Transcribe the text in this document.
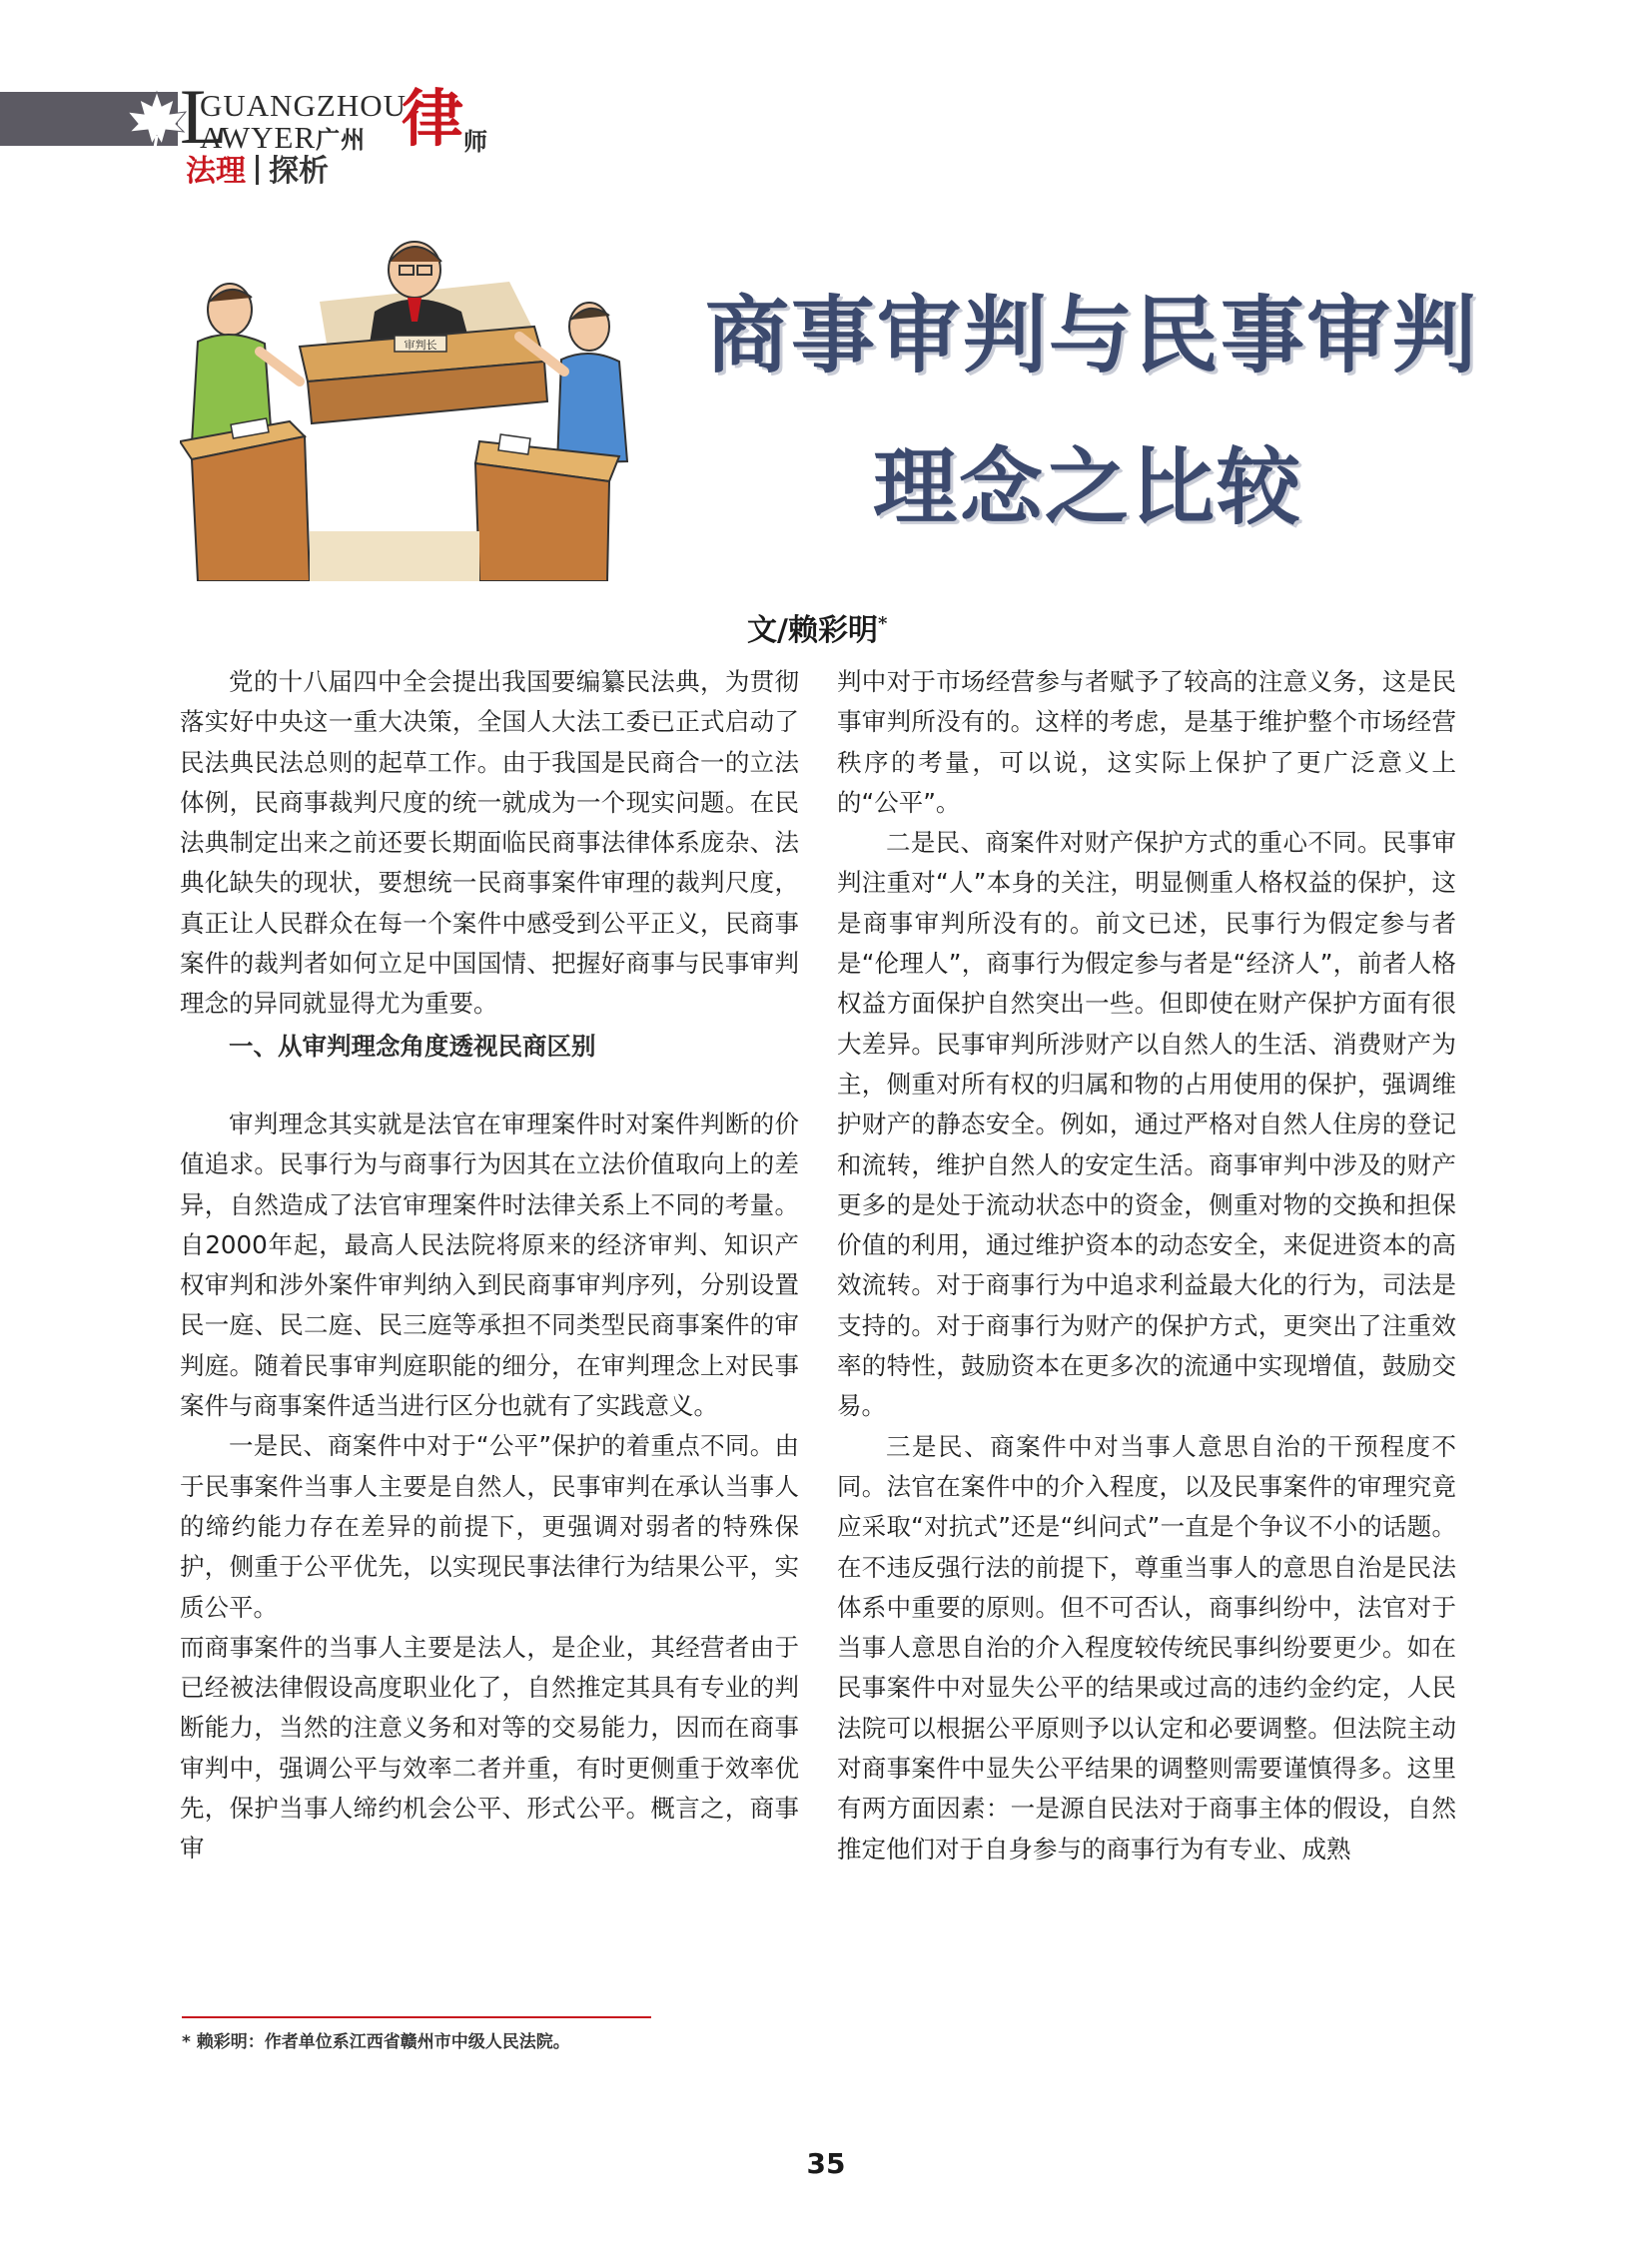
L
GUANGZHOU
AWYER广州 律 师
法理 探析
审判长	商事审判与民事审判
理念之比较
文/赖彩明*

党的十八届四中全会提出我国要编纂民法典，为贯彻落实好中央这一重大决策，全国人大法工委已正式启动了民法典民法总则的起草工作。由于我国是民商合一的立法体例，民商事裁判尺度的统一就成为一个现实问题。在民法典制定出来之前还要长期面临民商事法律体系庞杂、法典化缺失的现状，要想统一民商事案件审理的裁判尺度，真正让人民群众在每一个案件中感受到公平正义，民商事案件的裁判者如何立足中国国情、把握好商事与民事审判理念的异同就显得尤为重要。

一、从审判理念角度透视民商区别

审判理念其实就是法官在审理案件时对案件判断的价值追求。民事行为与商事行为因其在立法价值取向上的差异，自然造成了法官审理案件时法律关系上不同的考量。自2000年起，最高人民法院将原来的经济审判、知识产权审判和涉外案件审判纳入到民商事审判序列，分别设置民一庭、民二庭、民三庭等承担不同类型民商事案件的审判庭。随着民事审判庭职能的细分，在审判理念上对民事案件与商事案件适当进行区分也就有了实践意义。

一是民、商案件中对于“公平”保护的着重点不同。由于民事案件当事人主要是自然人，民事审判在承认当事人的缔约能力存在差异的前提下，更强调对弱者的特殊保护，侧重于公平优先，以实现民事法律行为结果公平，实质公平。

而商事案件的当事人主要是法人，是企业，其经营者由于已经被法律假设高度职业化了，自然推定其具有专业的判断能力，当然的注意义务和对等的交易能力，因而在商事审判中，强调公平与效率二者并重，有时更侧重于效率优先，保护当事人缔约机会公平、形式公平。概言之，商事审

判中对于市场经营参与者赋予了较高的注意义务，这是民事审判所没有的。这样的考虑，是基于维护整个市场经营秩序的考量，可以说，这实际上保护了更广泛意义上的“公平”。

二是民、商案件对财产保护方式的重心不同。民事审判注重对“人”本身的关注，明显侧重人格权益的保护，这是商事审判所没有的。前文已述，民事行为假定参与者是“伦理人”，商事行为假定参与者是“经济人”，前者人格权益方面保护自然突出一些。但即使在财产保护方面有很大差异。民事审判所涉财产以自然人的生活、消费财产为主，侧重对所有权的归属和物的占用使用的保护，强调维护财产的静态安全。例如，通过严格对自然人住房的登记和流转，维护自然人的安定生活。商事审判中涉及的财产更多的是处于流动状态中的资金，侧重对物的交换和担保价值的利用，通过维护资本的动态安全，来促进资本的高效流转。对于商事行为中追求利益最大化的行为，司法是支持的。对于商事行为财产的保护方式，更突出了注重效率的特性，鼓励资本在更多次的流通中实现增值，鼓励交易。

三是民、商案件中对当事人意思自治的干预程度不同。法官在案件中的介入程度，以及民事案件的审理究竟应采取“对抗式”还是“纠问式”一直是个争议不小的话题。在不违反强行法的前提下，尊重当事人的意思自治是民法体系中重要的原则。但不可否认，商事纠纷中，法官对于当事人意思自治的介入程度较传统民事纠纷要更少。如在民事案件中对显失公平的结果或过高的违约金约定，人民法院可以根据公平原则予以认定和必要调整。但法院主动对商事案件中显失公平结果的调整则需要谨慎得多。这里有两方面因素：一是源自民法对于商事主体的假设，自然推定他们对于自身参与的商事行为有专业、成熟

* 赖彩明：作者单位系江西省赣州市中级人民法院。
35
